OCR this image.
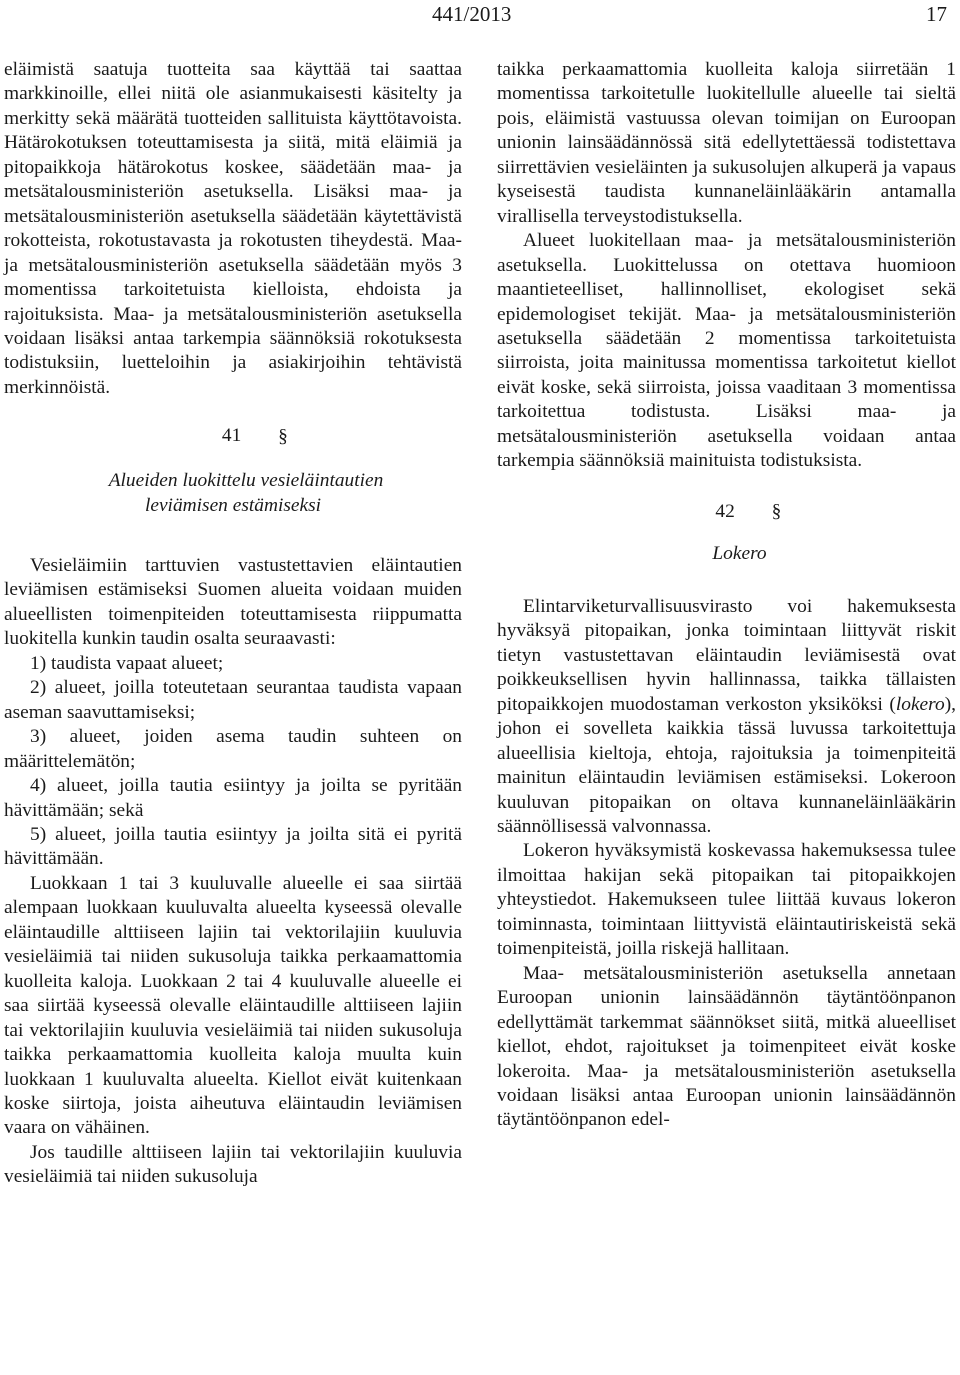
441/2013	17

eläimistä saatuja tuotteita saa käyttää tai saattaa markkinoille, ellei niitä ole asianmukaisesti käsitelty ja merkitty sekä määrätä tuotteiden sallituista käyttötavoista. Hätärokotuksen toteuttamisesta ja siitä, mitä eläimiä ja pitopaikkoja hätärokotus koskee, säädetään maa- ja metsätalousministeriön asetuksella. Lisäksi maa- ja metsätalousministeriön asetuksella säädetään käytettävistä rokotteista, rokotustavasta ja rokotusten tiheydestä. Maa- ja metsätalousministeriön asetuksella säädetään myös 3 momentissa tarkoitetuista kielloista, ehdoista ja rajoituksista. Maa- ja metsätalousministeriön asetuksella voidaan lisäksi antaa tarkempia säännöksiä rokotuksesta todistuksiin, luetteloihin ja asiakirjoihin tehtävistä merkinnöistä.

41 §

Alueiden luokittelu vesieläintautien
leviämisen estämiseksi

Vesieläimiin tarttuvien vastustettavien eläintautien leviämisen estämiseksi Suomen alueita voidaan muiden alueellisten toimenpiteiden toteuttamisesta riippumatta luokitella kunkin taudin osalta seuraavasti:

1) taudista vapaat alueet;

2) alueet, joilla toteutetaan seurantaa taudista vapaan aseman saavuttamiseksi;

3) alueet, joiden asema taudin suhteen on määrittelemätön;

4) alueet, joilla tautia esiintyy ja joilta se pyritään hävittämään; sekä

5) alueet, joilla tautia esiintyy ja joilta sitä ei pyritä hävittämään.

Luokkaan 1 tai 3 kuuluvalle alueelle ei saa siirtää alempaan luokkaan kuuluvalta alueelta kyseessä olevalle eläintaudille alttiiseen lajiin tai vektorilajiin kuuluvia vesieläimiä tai niiden sukusoluja taikka perkaamattomia kuolleita kaloja. Luokkaan 2 tai 4 kuuluvalle alueelle ei saa siirtää kyseessä olevalle eläintaudille alttiiseen lajiin tai vektorilajiin kuuluvia vesieläimiä tai niiden sukusoluja taikka perkaamattomia kuolleita kaloja muulta kuin luokkaan 1 kuuluvalta alueelta. Kiellot eivät kuitenkaan koske siirtoja, joista aiheutuva eläintaudin leviämisen vaara on vähäinen.

Jos taudille alttiiseen lajiin tai vektorilajiin kuuluvia vesieläimiä tai niiden sukusoluja

taikka perkaamattomia kuolleita kaloja siirretään 1 momentissa tarkoitetulle luokitellulle alueelle tai sieltä pois, eläimistä vastuussa olevan toimijan on Euroopan unionin lainsäädännössä sitä edellytettäessä todistettava siirrettävien vesieläinten ja sukusolujen alkuperä ja vapaus kyseisestä taudista kunnaneläinlääkärin antamalla virallisella terveystodistuksella.

Alueet luokitellaan maa- ja metsätalousministeriön asetuksella. Luokittelussa on otettava huomioon maantieteelliset, hallinnolliset, ekologiset sekä epidemologiset tekijät. Maa- ja metsätalousministeriön asetuksella säädetään 2 momentissa tarkoitetuista siirroista, joita mainitussa momentissa tarkoitetut kiellot eivät koske, sekä siirroista, joissa vaaditaan 3 momentissa tarkoitettua todistusta. Lisäksi maa- ja metsätalousministeriön asetuksella voidaan antaa tarkempia säännöksiä mainituista todistuksista.

42 §

Lokero

Elintarviketurvallisuusvirasto voi hakemuksesta hyväksyä pitopaikan, jonka toimintaan liittyvät riskit tietyn vastustettavan eläintaudin leviämisestä ovat poikkeuksellisen hyvin hallinnassa, taikka tällaisten pitopaikkojen muodostaman verkoston yksiköksi (lokero), johon ei sovelleta kaikkia tässä luvussa tarkoitettuja alueellisia kieltoja, ehtoja, rajoituksia ja toimenpiteitä mainitun eläintaudin leviämisen estämiseksi. Lokeroon kuuluvan pitopaikan on oltava kunnaneläinlääkärin säännöllisessä valvonnassa.

Lokeron hyväksymistä koskevassa hakemuksessa tulee ilmoittaa hakijan sekä pitopaikan tai pitopaikkojen yhteystiedot. Hakemukseen tulee liittää kuvaus lokeron toiminnasta, toimintaan liittyvistä eläintautiriskeistä sekä toimenpiteistä, joilla riskejä hallitaan.

Maa- metsätalousministeriön asetuksella annetaan Euroopan unionin lainsäädännön täytäntöönpanon edellyttämät tarkemmat säännökset siitä, mitkä alueelliset kiellot, ehdot, rajoitukset ja toimenpiteet eivät koske lokeroita. Maa- ja metsätalousministeriön asetuksella voidaan lisäksi antaa Euroopan unionin lainsäädännön täytäntöönpanon edel-
